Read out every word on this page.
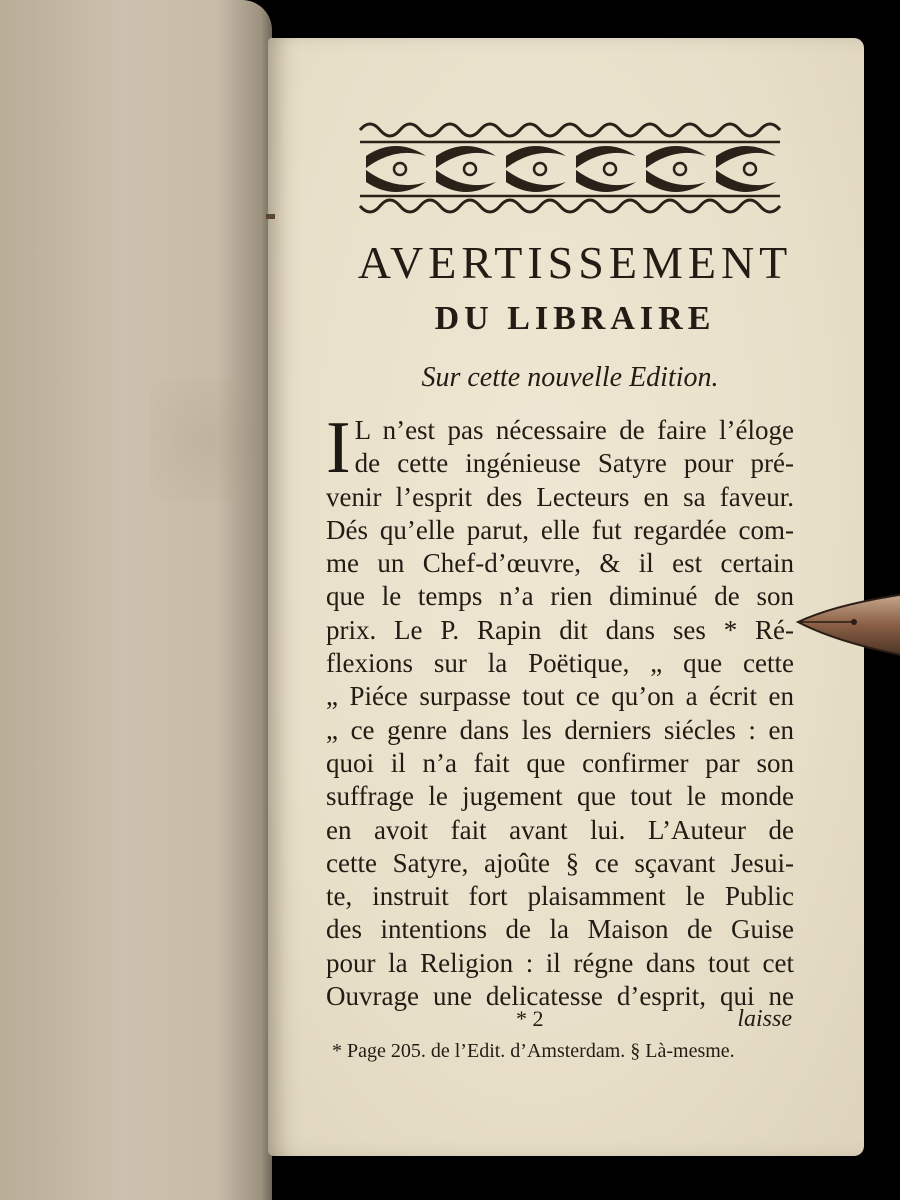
AVERTISSEMENT
DU LIBRAIRE
Sur cette nouvelle Edition.
I L n’est pas nécessaire de faire l’éloge
de cette ingénieuse Satyre pour pré-
venir l’esprit des Lecteurs en sa faveur.
Dés qu’elle parut, elle fut regardée com-
me un Chef-d’œuvre, & il est certain
que le temps n’a rien diminué de son
prix. Le P. Rapin dit dans ses * Ré-
flexions sur la Poëtique, „ que cette
„ Piéce surpasse tout ce qu’on a écrit en
„ ce genre dans les derniers siécles : en
quoi il n’a fait que confirmer par son
suffrage le jugement que tout le monde
en avoit fait avant lui. L’Auteur de
cette Satyre, ajoûte § ce sçavant Jesui-
te, instruit fort plaisamment le Public
des intentions de la Maison de Guise
pour la Religion : il régne dans tout cet
Ouvrage une delicatesse d’esprit, qui ne
* 2	laisse
* Page 205. de l’Edit. d’Amsterdam. § Là-mesme.
